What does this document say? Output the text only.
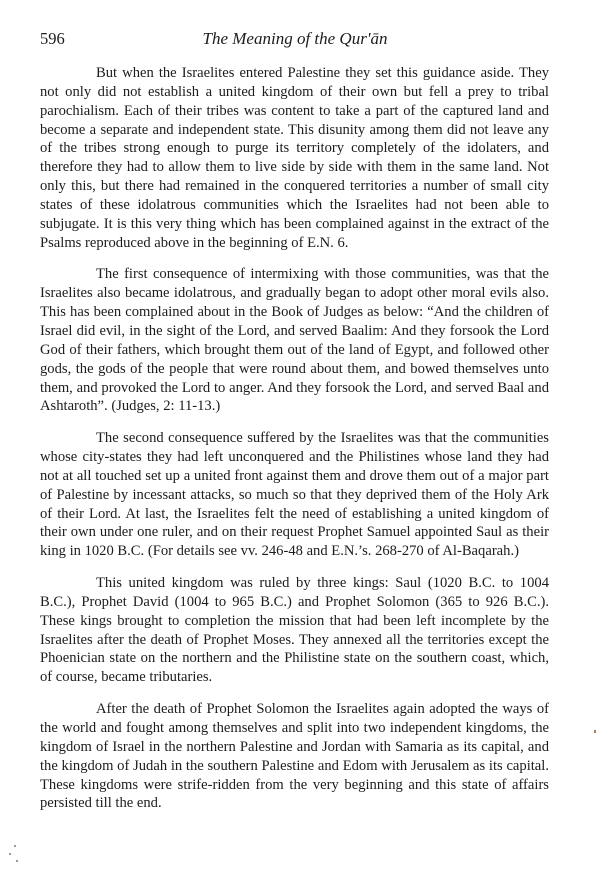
596	The Meaning of the Qur'ān

But when the Israelites entered Palestine they set this guidance aside. They not only did not establish a united kingdom of their own but fell a prey to tribal parochialism. Each of their tribes was content to take a part of the captured land and become a separate and independent state. This disunity among them did not leave any of the tribes strong enough to purge its territory completely of the idolaters, and therefore they had to allow them to live side by side with them in the same land. Not only this, but there had remained in the conquered territories a number of small city states of these idolatrous communities which the Israelites had not been able to subjugate. It is this very thing which has been complained against in the extract of the Psalms reproduced above in the beginning of E.N. 6.

The first consequence of intermixing with those communities, was that the Israelites also became idolatrous, and gradually began to adopt other moral evils also. This has been complained about in the Book of Judges as below: “And the children of Israel did evil, in the sight of the Lord, and served Baalim: And they forsook the Lord God of their fathers, which brought them out of the land of Egypt, and followed other gods, the gods of the people that were round about them, and bowed themselves unto them, and provoked the Lord to anger. And they forsook the Lord, and served Baal and Ashtaroth”. (Judges, 2: 11-13.)

The second consequence suffered by the Israelites was that the communities whose city-states they had left unconquered and the Philistines whose land they had not at all touched set up a united front against them and drove them out of a major part of Palestine by incessant attacks, so much so that they deprived them of the Holy Ark of their Lord. At last, the Israelites felt the need of establishing a united kingdom of their own under one ruler, and on their request Prophet Samuel appointed Saul as their king in 1020 B.C. (For details see vv. 246-48 and E.N.’s. 268-270 of Al-Baqarah.)

This united kingdom was ruled by three kings: Saul (1020 B.C. to 1004 B.C.), Prophet David (1004 to 965 B.C.) and Prophet Solomon (365 to 926 B.C.). These kings brought to completion the mission that had been left incomplete by the Israelites after the death of Prophet Moses. They annexed all the territories except the Phoenician state on the northern and the Philistine state on the southern coast, which, of course, became tributaries.

After the death of Prophet Solomon the Israelites again adopted the ways of the world and fought among themselves and split into two independent kingdoms, the kingdom of Israel in the northern Palestine and Jordan with Samaria as its capital, and the kingdom of Judah in the southern Palestine and Edom with Jerusalem as its capital. These kingdoms were strife-ridden from the very beginning and this state of affairs persisted till the end.
